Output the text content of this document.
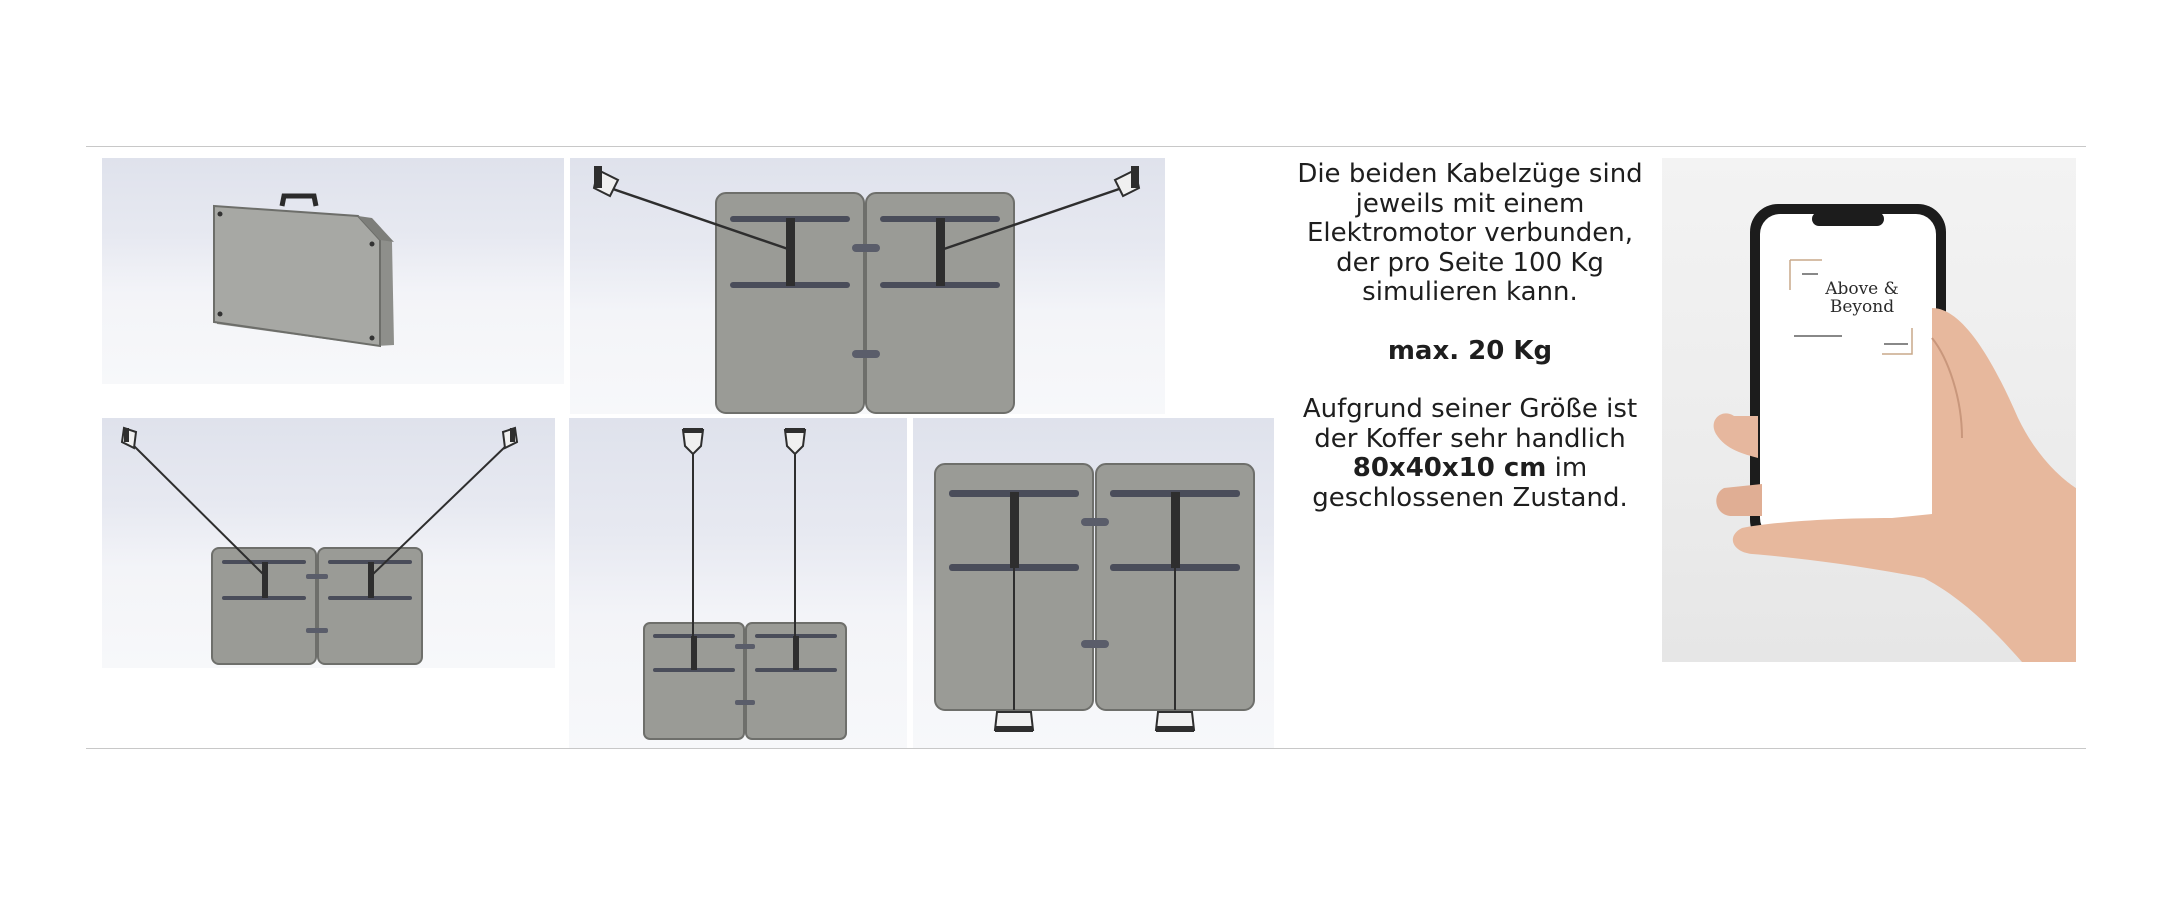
Die beiden Kabelzüge sind

jeweils mit einem

Elektromotor verbunden,

der pro Seite 100 Kg

simulieren kann.

max. 20 Kg

Aufgrund seiner Größe ist

der Koffer sehr handlich

80x40x10 cm im

geschlossenen Zustand.

Above &
Beyond
